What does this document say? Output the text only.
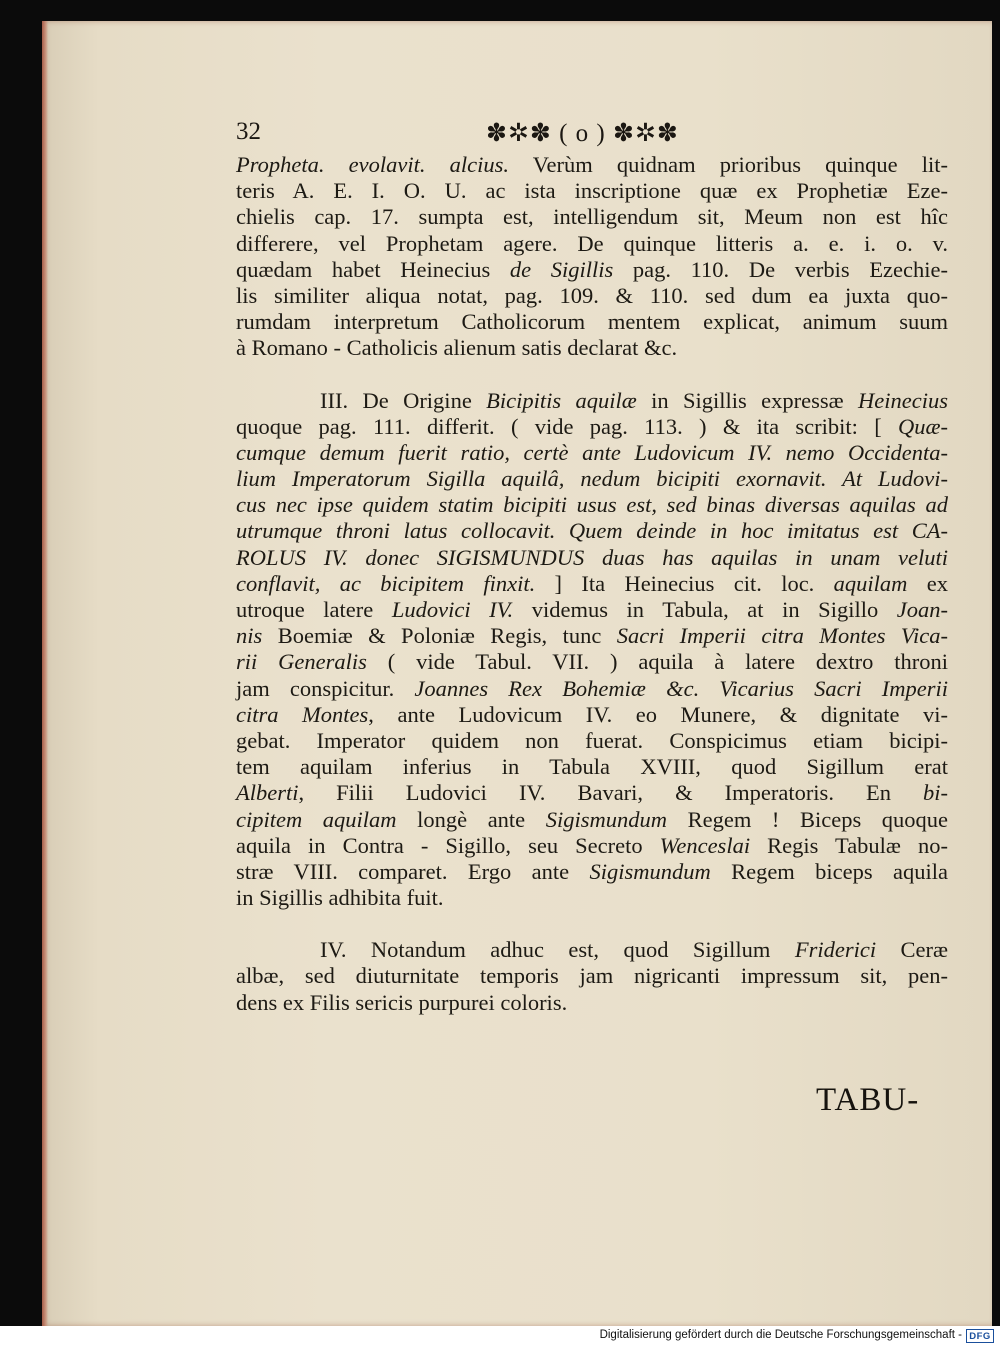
32	✽✲✽ ( o ) ✽✲✽
Propheta. evolavit. alcius. Verùm quidnam prioribus quinque lit-
teris A. E. I. O. U. ac ista inscriptione quæ ex Prophetiæ Eze-
chielis cap. 17. sumpta est, intelligendum sit, Meum non est hîc
differere, vel Prophetam agere. De quinque litteris a. e. i. o. v.
quædam habet Heinecius de Sigillis pag. 110. De verbis Ezechie-
lis similiter aliqua notat, pag. 109. & 110. sed dum ea juxta quo-
rumdam interpretum Catholicorum mentem explicat, animum suum
à Romano - Catholicis alienum satis declarat &c.
III. De Origine Bicipitis aquilæ in Sigillis expressæ Heinecius
quoque pag. 111. differit. ( vide pag. 113. ) & ita scribit: [ Quæ-
cumque demum fuerit ratio, certè ante Ludovicum IV. nemo Occidenta-
lium Imperatorum Sigilla aquilâ, nedum bicipiti exornavit. At Ludovi-
cus nec ipse quidem statim bicipiti usus est, sed binas diversas aquilas ad
utrumque throni latus collocavit. Quem deinde in hoc imitatus est CA-
ROLUS IV. donec SIGISMUNDUS duas has aquilas in unam veluti
conflavit, ac bicipitem finxit. ] Ita Heinecius cit. loc. aquilam ex
utroque latere Ludovici IV. videmus in Tabula, at in Sigillo Joan-
nis Boemiæ & Poloniæ Regis, tunc Sacri Imperii citra Montes Vica-
rii Generalis ( vide Tabul. VII. ) aquila à latere dextro throni
jam conspicitur. Joannes Rex Bohemiæ &c. Vicarius Sacri Imperii
citra Montes, ante Ludovicum IV. eo Munere, & dignitate vi-
gebat. Imperator quidem non fuerat. Conspicimus etiam bicipi-
tem aquilam inferius in Tabula XVIII, quod Sigillum erat
Alberti, Filii Ludovici IV. Bavari, & Imperatoris. En bi-
cipitem aquilam longè ante Sigismundum Regem ! Biceps quoque
aquila in Contra - Sigillo, seu Secreto Wenceslai Regis Tabulæ no-
stræ VIII. comparet. Ergo ante Sigismundum Regem biceps aquila
in Sigillis adhibita fuit.
IV. Notandum adhuc est, quod Sigillum Friderici Ceræ
albæ, sed diuturnitate temporis jam nigricanti impressum sit, pen-
dens ex Filis sericis purpurei coloris.
TABU-
Digitalisierung gefördert durch die Deutsche Forschungsgemeinschaft - DFG
